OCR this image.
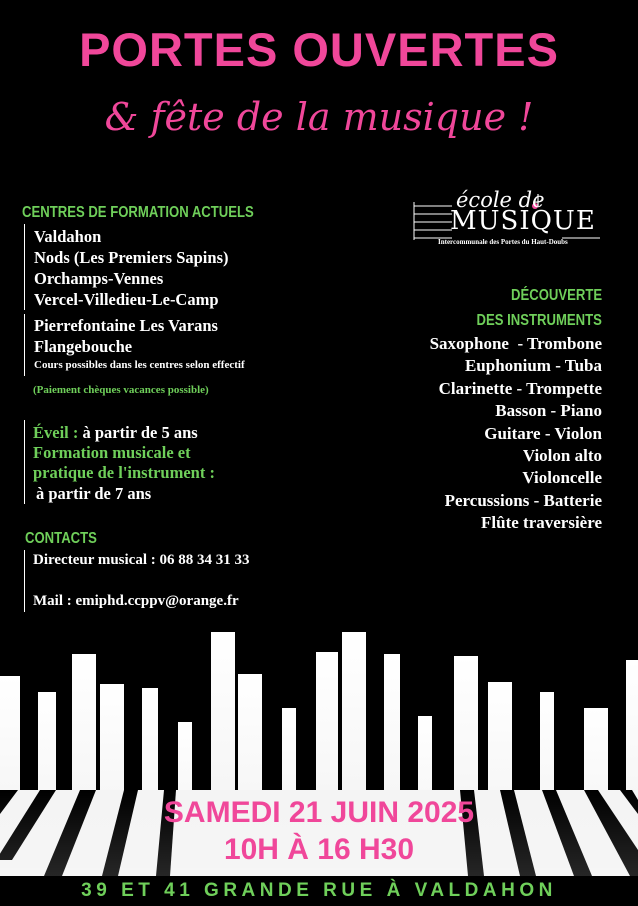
PORTES OUVERTES
& fête de la musique !
CENTRES DE FORMATION ACTUELS
Valdahon
Nods (Les Premiers Sapins)
Orchamps-Vennes
Vercel-Villedieu-Le-Camp
Pierrefontaine Les Varans
Flangebouche
Cours possibles dans les centres selon effectif
(Paiement chèques vacances possible)
Éveil : à partir de 5 ans
Formation musicale et
pratique de l'instrument :
à partir de 7 ans
CONTACTS
Directeur musical : 06 88 34 31 33
Mail : emiphd.ccppv@orange.fr
école de
MUSIQUE
Intercommunale des Portes du Haut-Doubs
DÉCOUVERTE
DES INSTRUMENTS
Saxophone  - Trombone
Euphonium - Tuba
Clarinette - Trompette
Basson - Piano
Guitare - Violon
Violon alto
Violoncelle
Percussions - Batterie
Flûte traversière
SAMEDI 21 JUIN 2025
10H À 16 H30
39 ET 41 GRANDE RUE À VALDAHON
